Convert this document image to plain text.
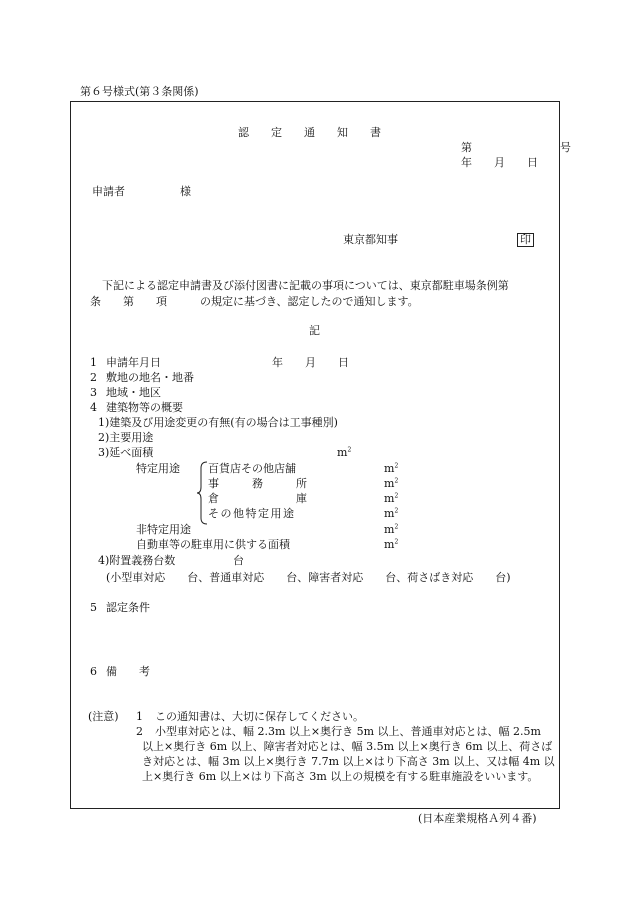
第６号様式(第３条関係)
認　　定　　通　　知　　書
第　　　　　　　　号
年　　月　　日
申請者　　　　　様
東京都知事	印
下記による認定申請書及び添付図書に記載の事項については、東京都駐車場条例第
条　　第　　項　　　の規定に基づき、認定したので通知します。
記
1 申請年月日	年　　月　　日
2 敷地の地名・地番
3 地域・地区
4 建築物等の概要
1)建築及び用途変更の有無(有の場合は工事種別)
2)主要用途
3)延べ面積	$m^2$
特定用途	百貨店その他店舗	$m^2$
事　　　務　　　所	$m^2$
倉　　　　　　　庫	$m^2$
その他特定用途	$m^2$
非特定用途	$m^2$
自動車等の駐車用に供する面積	$m^2$
4)附置義務台数	台
(小型車対応　　台、普通車対応　　台、障害者対応　　台、荷さばき対応　　台)
5 認定条件
6 備　　考
(注意) 1 この通知書は、大切に保存してください。
2 小型車対応とは、幅 2.3m 以上×奥行き 5m 以上、普通車対応とは、幅 2.5m
以上×奥行き 6m 以上、障害者対応とは、幅 3.5m 以上×奥行き 6m 以上、荷さば
き対応とは、幅 3m 以上×奥行き 7.7m 以上×はり下高さ 3m 以上、又は幅 4m 以
上×奥行き 6m 以上×はり下高さ 3m 以上の規模を有する駐車施設をいいます。
(日本産業規格Ａ列４番)
